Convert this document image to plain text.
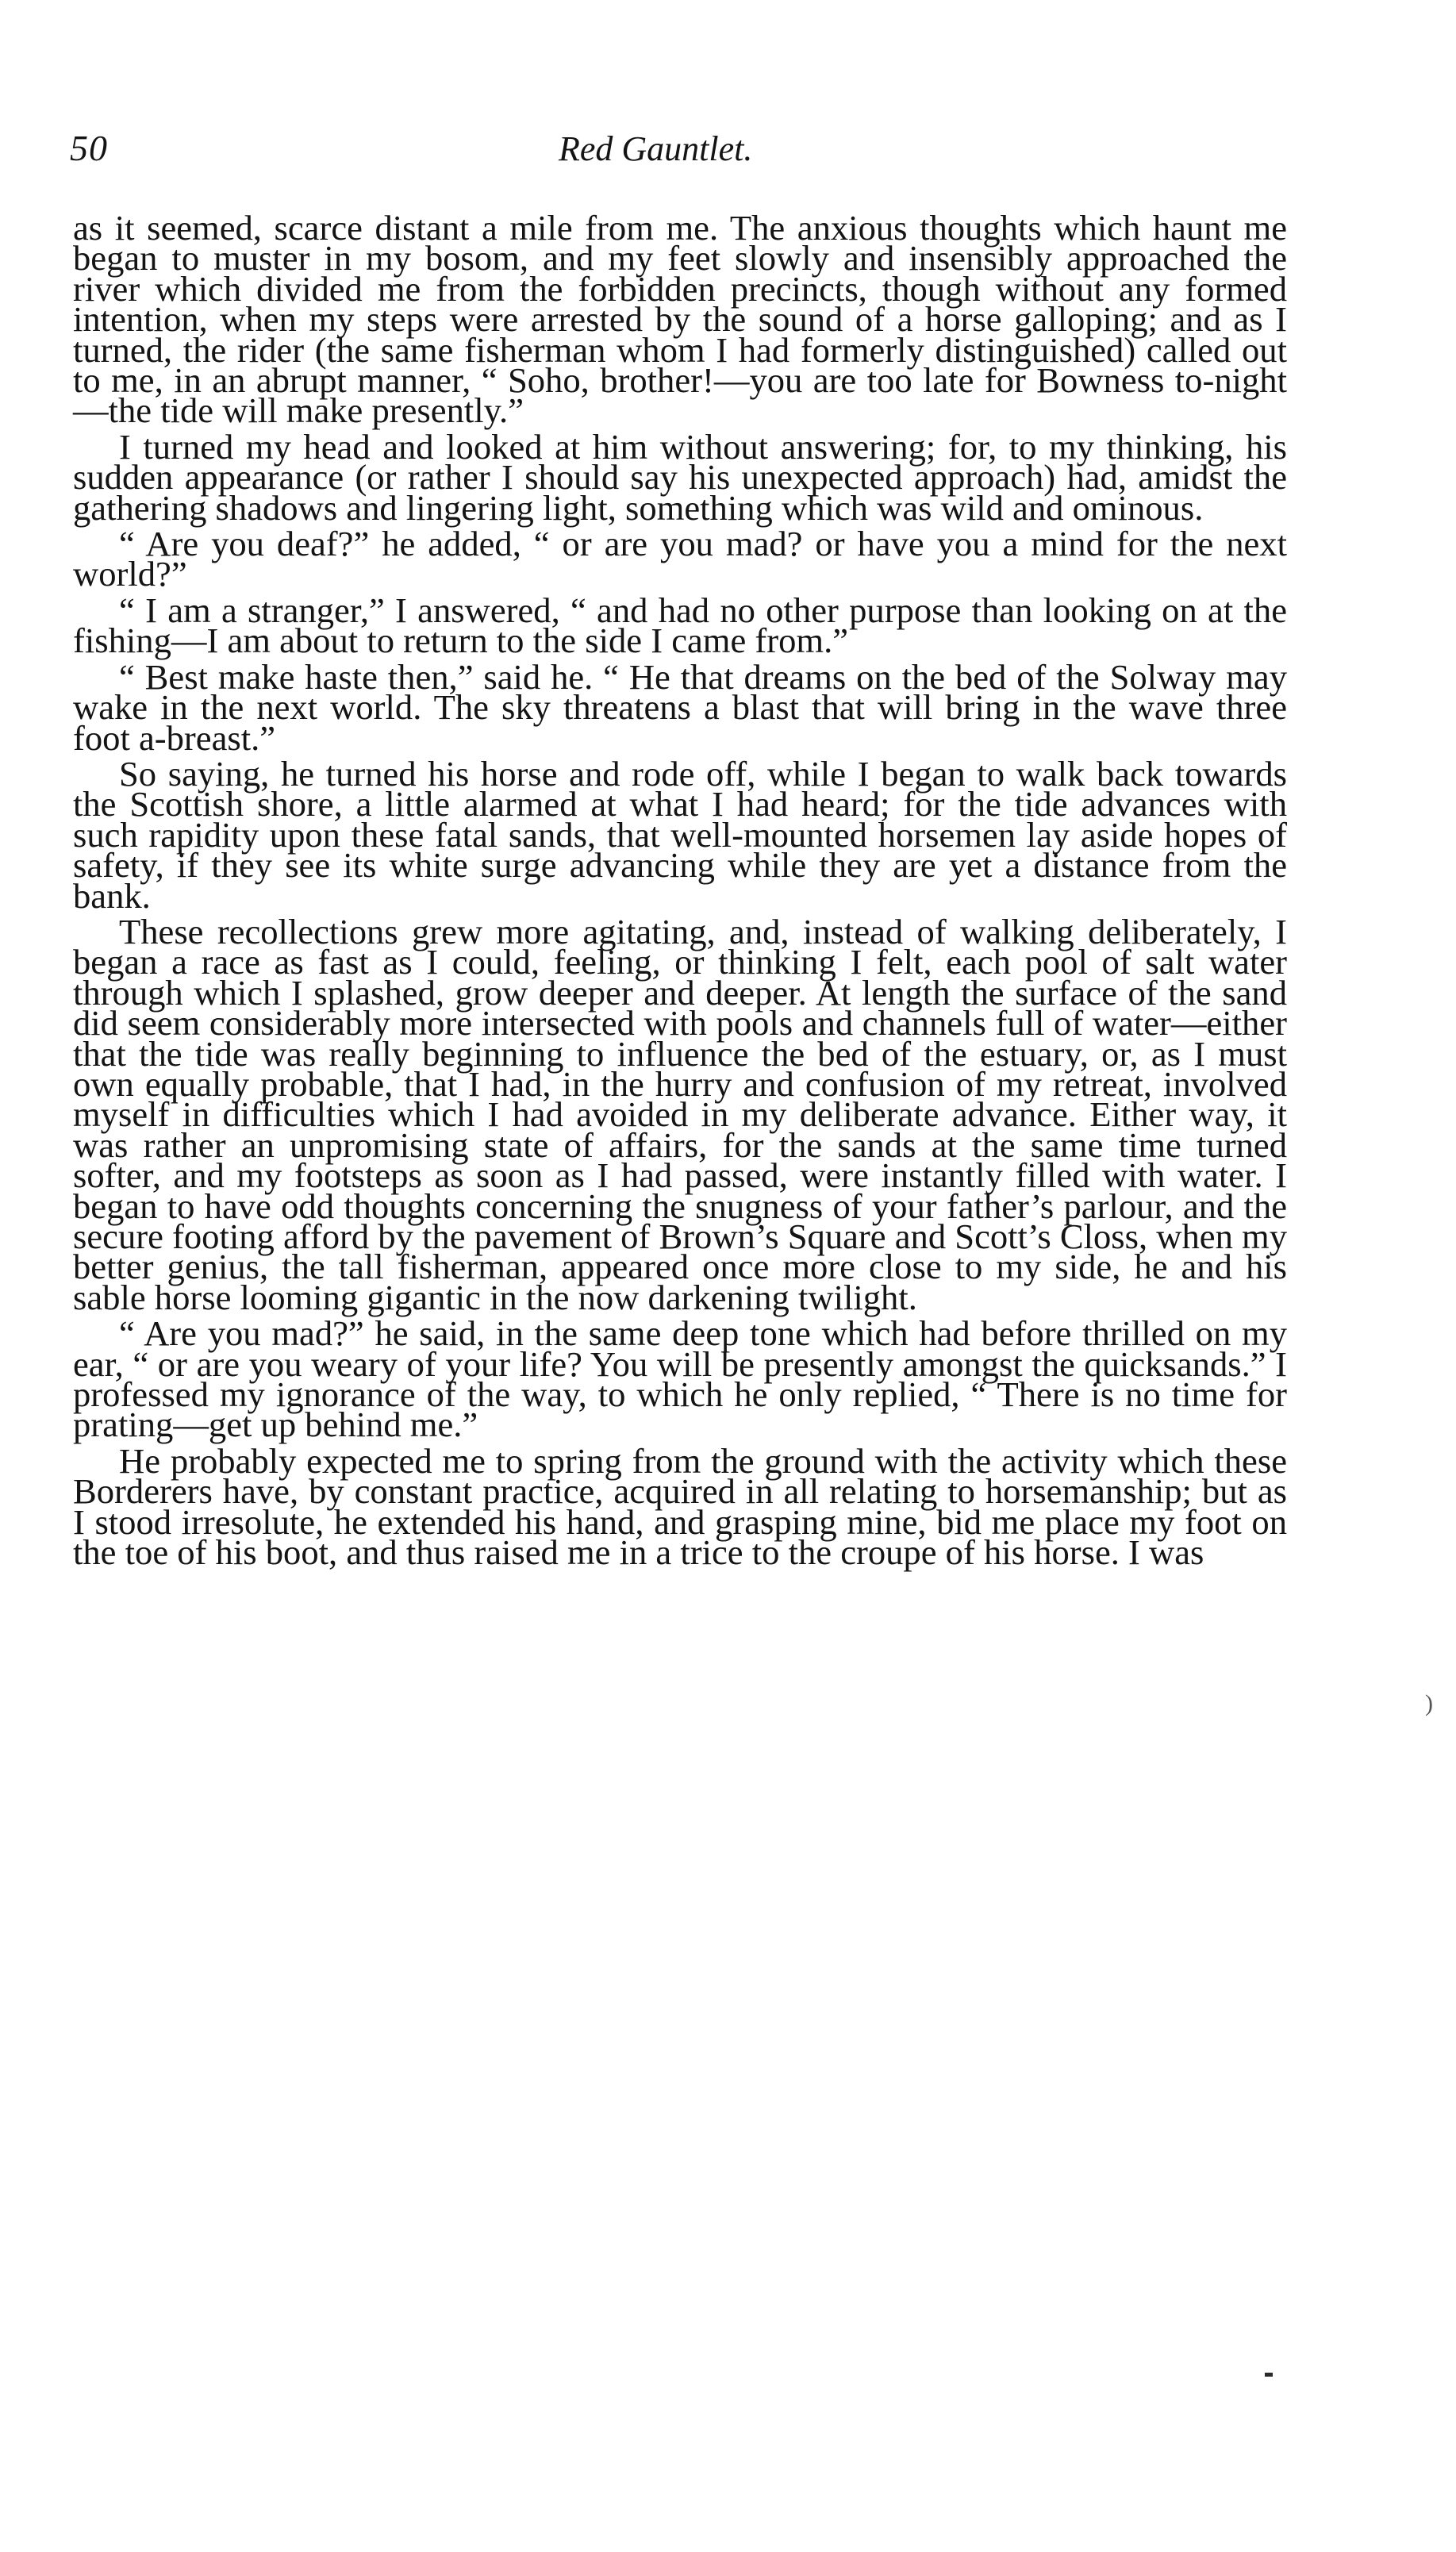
50	Red Gauntlet.

as it seemed, scarce distant a mile from me. The anxious thoughts which haunt me began to muster in my bosom, and my feet slowly and insensibly approached the river which divided me from the forbidden precincts, though without any formed intention, when my steps were arrested by the sound of a horse galloping; and as I turned, the rider (the same fisherman whom I had formerly distinguished) called out to me, in an abrupt manner, “ Soho, brother!—you are too late for Bowness to-night—the tide will make presently.”

I turned my head and looked at him without answering; for, to my thinking, his sudden appearance (or rather I should say his unexpected approach) had, amidst the gathering shadows and lingering light, something which was wild and ominous.

“ Are you deaf?” he added, “ or are you mad? or have you a mind for the next world?”

“ I am a stranger,” I answered, “ and had no other purpose than looking on at the fishing—I am about to return to the side I came from.”

“ Best make haste then,” said he. “ He that dreams on the bed of the Solway may wake in the next world. The sky threatens a blast that will bring in the wave three foot a-breast.”

So saying, he turned his horse and rode off, while I began to walk back towards the Scottish shore, a little alarmed at what I had heard; for the tide advances with such rapidity upon these fatal sands, that well-mounted horsemen lay aside hopes of safety, if they see its white surge advancing while they are yet a distance from the bank.

These recollections grew more agitating, and, instead of walking deliberately, I began a race as fast as I could, feeling, or thinking I felt, each pool of salt water through which I splashed, grow deeper and deeper. At length the surface of the sand did seem considerably more intersected with pools and channels full of water—either that the tide was really beginning to influence the bed of the estuary, or, as I must own equally probable, that I had, in the hurry and confusion of my retreat, involved myself in difficulties which I had avoided in my deliberate advance. Either way, it was rather an unpromising state of affairs, for the sands at the same time turned softer, and my footsteps as soon as I had passed, were instantly filled with water. I began to have odd thoughts concerning the snugness of your father’s parlour, and the secure footing afford by the pavement of Brown’s Square and Scott’s Closs, when my better genius, the tall fisherman, appeared once more close to my side, he and his sable horse looming gigantic in the now darkening twilight.

“ Are you mad?” he said, in the same deep tone which had before thrilled on my ear, “ or are you weary of your life? You will be presently amongst the quicksands.” I professed my ignorance of the way, to which he only replied, “ There is no time for prating—get up behind me.”

He probably expected me to spring from the ground with the activity which these Borderers have, by constant practice, acquired in all relating to horsemanship; but as I stood irresolute, he extended his hand, and grasping mine, bid me place my foot on the toe of his boot, and thus raised me in a trice to the croupe of his horse. I was

)
